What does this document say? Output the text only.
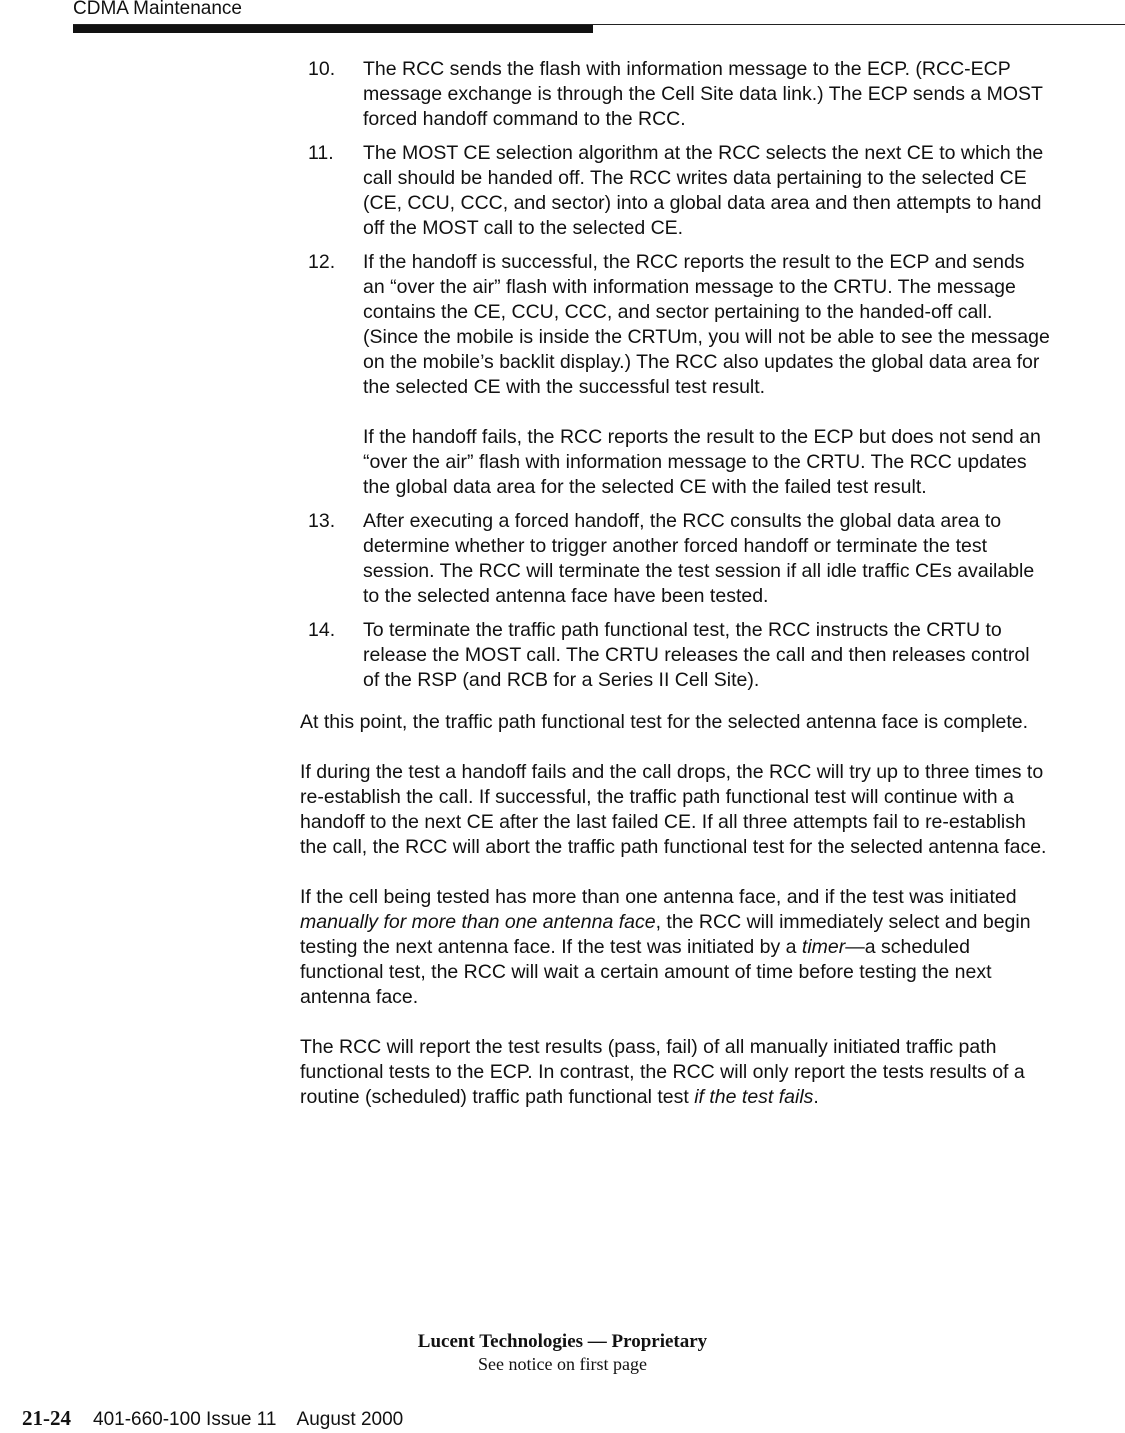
CDMA Maintenance
10. The RCC sends the flash with information message to the ECP. (RCC-ECP message exchange is through the Cell Site data link.) The ECP sends a MOST forced handoff command to the RCC.
11. The MOST CE selection algorithm at the RCC selects the next CE to which the call should be handed off. The RCC writes data pertaining to the selected CE (CE, CCU, CCC, and sector) into a global data area and then attempts to hand off the MOST call to the selected CE.
12. If the handoff is successful, the RCC reports the result to the ECP and sends an “over the air” flash with information message to the CRTU. The message contains the CE, CCU, CCC, and sector pertaining to the handed-off call. (Since the mobile is inside the CRTUm, you will not be able to see the message on the mobile’s backlit display.) The RCC also updates the global data area for the selected CE with the successful test result.
If the handoff fails, the RCC reports the result to the ECP but does not send an “over the air” flash with information message to the CRTU. The RCC updates the global data area for the selected CE with the failed test result.
13. After executing a forced handoff, the RCC consults the global data area to determine whether to trigger another forced handoff or terminate the test session. The RCC will terminate the test session if all idle traffic CEs available to the selected antenna face have been tested.
14. To terminate the traffic path functional test, the RCC instructs the CRTU to release the MOST call. The CRTU releases the call and then releases control of the RSP (and RCB for a Series II Cell Site).

At this point, the traffic path functional test for the selected antenna face is complete.

If during the test a handoff fails and the call drops, the RCC will try up to three times to re-establish the call. If successful, the traffic path functional test will continue with a handoff to the next CE after the last failed CE. If all three attempts fail to re-establish the call, the RCC will abort the traffic path functional test for the selected antenna face.

If the cell being tested has more than one antenna face, and if the test was initiated manually for more than one antenna face, the RCC will immediately select and begin testing the next antenna face. If the test was initiated by a timer—a scheduled functional test, the RCC will wait a certain amount of time before testing the next antenna face.

The RCC will report the test results (pass, fail) of all manually initiated traffic path functional tests to the ECP. In contrast, the RCC will only report the tests results of a routine (scheduled) traffic path functional test if the test fails.

Lucent Technologies — Proprietary
See notice on first page
21-24 401-660-100 Issue 11    August 2000
